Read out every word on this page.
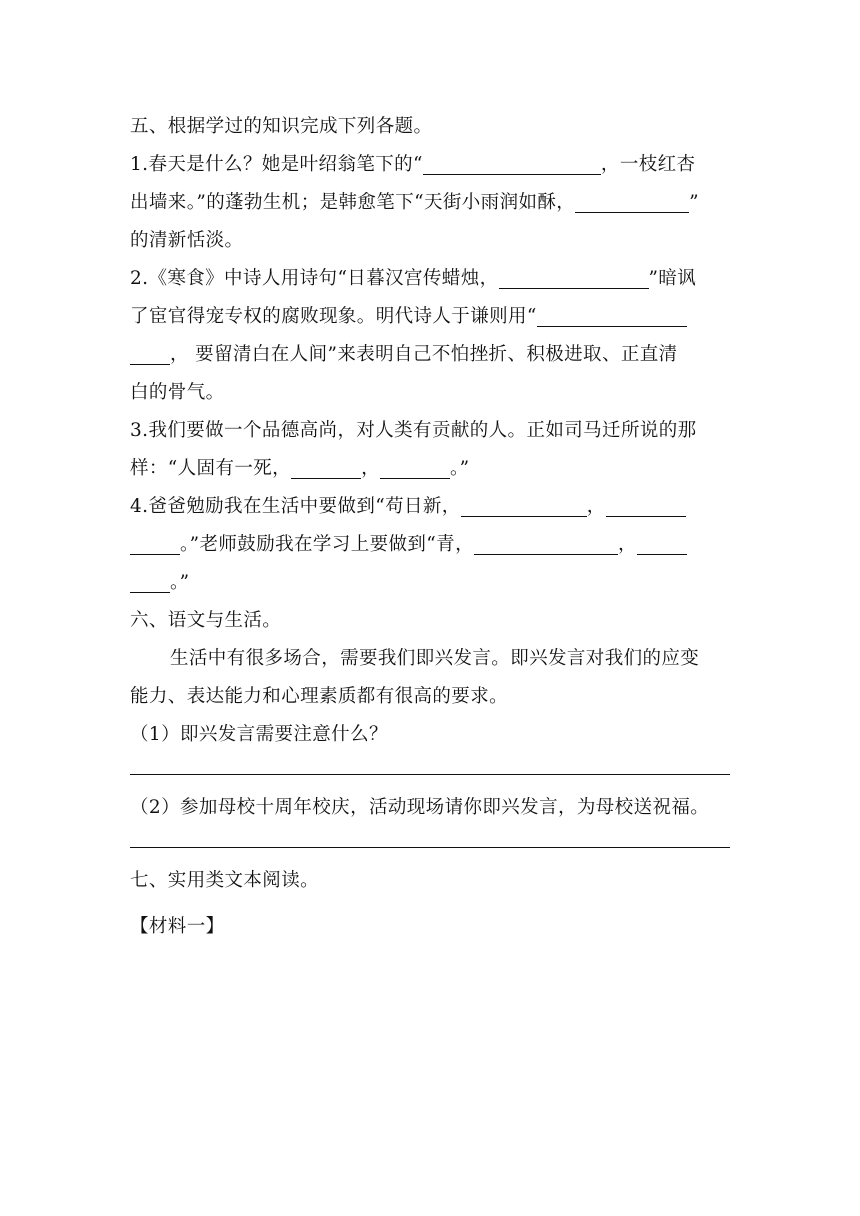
五、根据学过的知识完成下列各题。
1.春天是什么？她是叶绍翁笔下的“	，一枝红杏
出墙来。”的蓬勃生机；是韩愈笔下“天街小雨润如酥，	”
的清新恬淡。
2.《寒食》中诗人用诗句“日暮汉宫传蜡烛，	”暗讽
了宦官得宠专权的腐败现象。明代诗人于谦则用“
， 要留清白在人间”来表明自己不怕挫折、积极进取、正直清
白的骨气。
3.我们要做一个品德高尚，对人类有贡献的人。正如司马迁所说的那
样：“人固有一死，	，	。”
4.爸爸勉励我在生活中要做到“苟日新，	，
。”老师鼓励我在学习上要做到“青，	，
。”
六、语文与生活。
生活中有很多场合，需要我们即兴发言。即兴发言对我们的应变
能力、表达能力和心理素质都有很高的要求。
（1）即兴发言需要注意什么？
（2）参加母校十周年校庆，活动现场请你即兴发言，为母校送祝福。
七、实用类文本阅读。
【材料一】
